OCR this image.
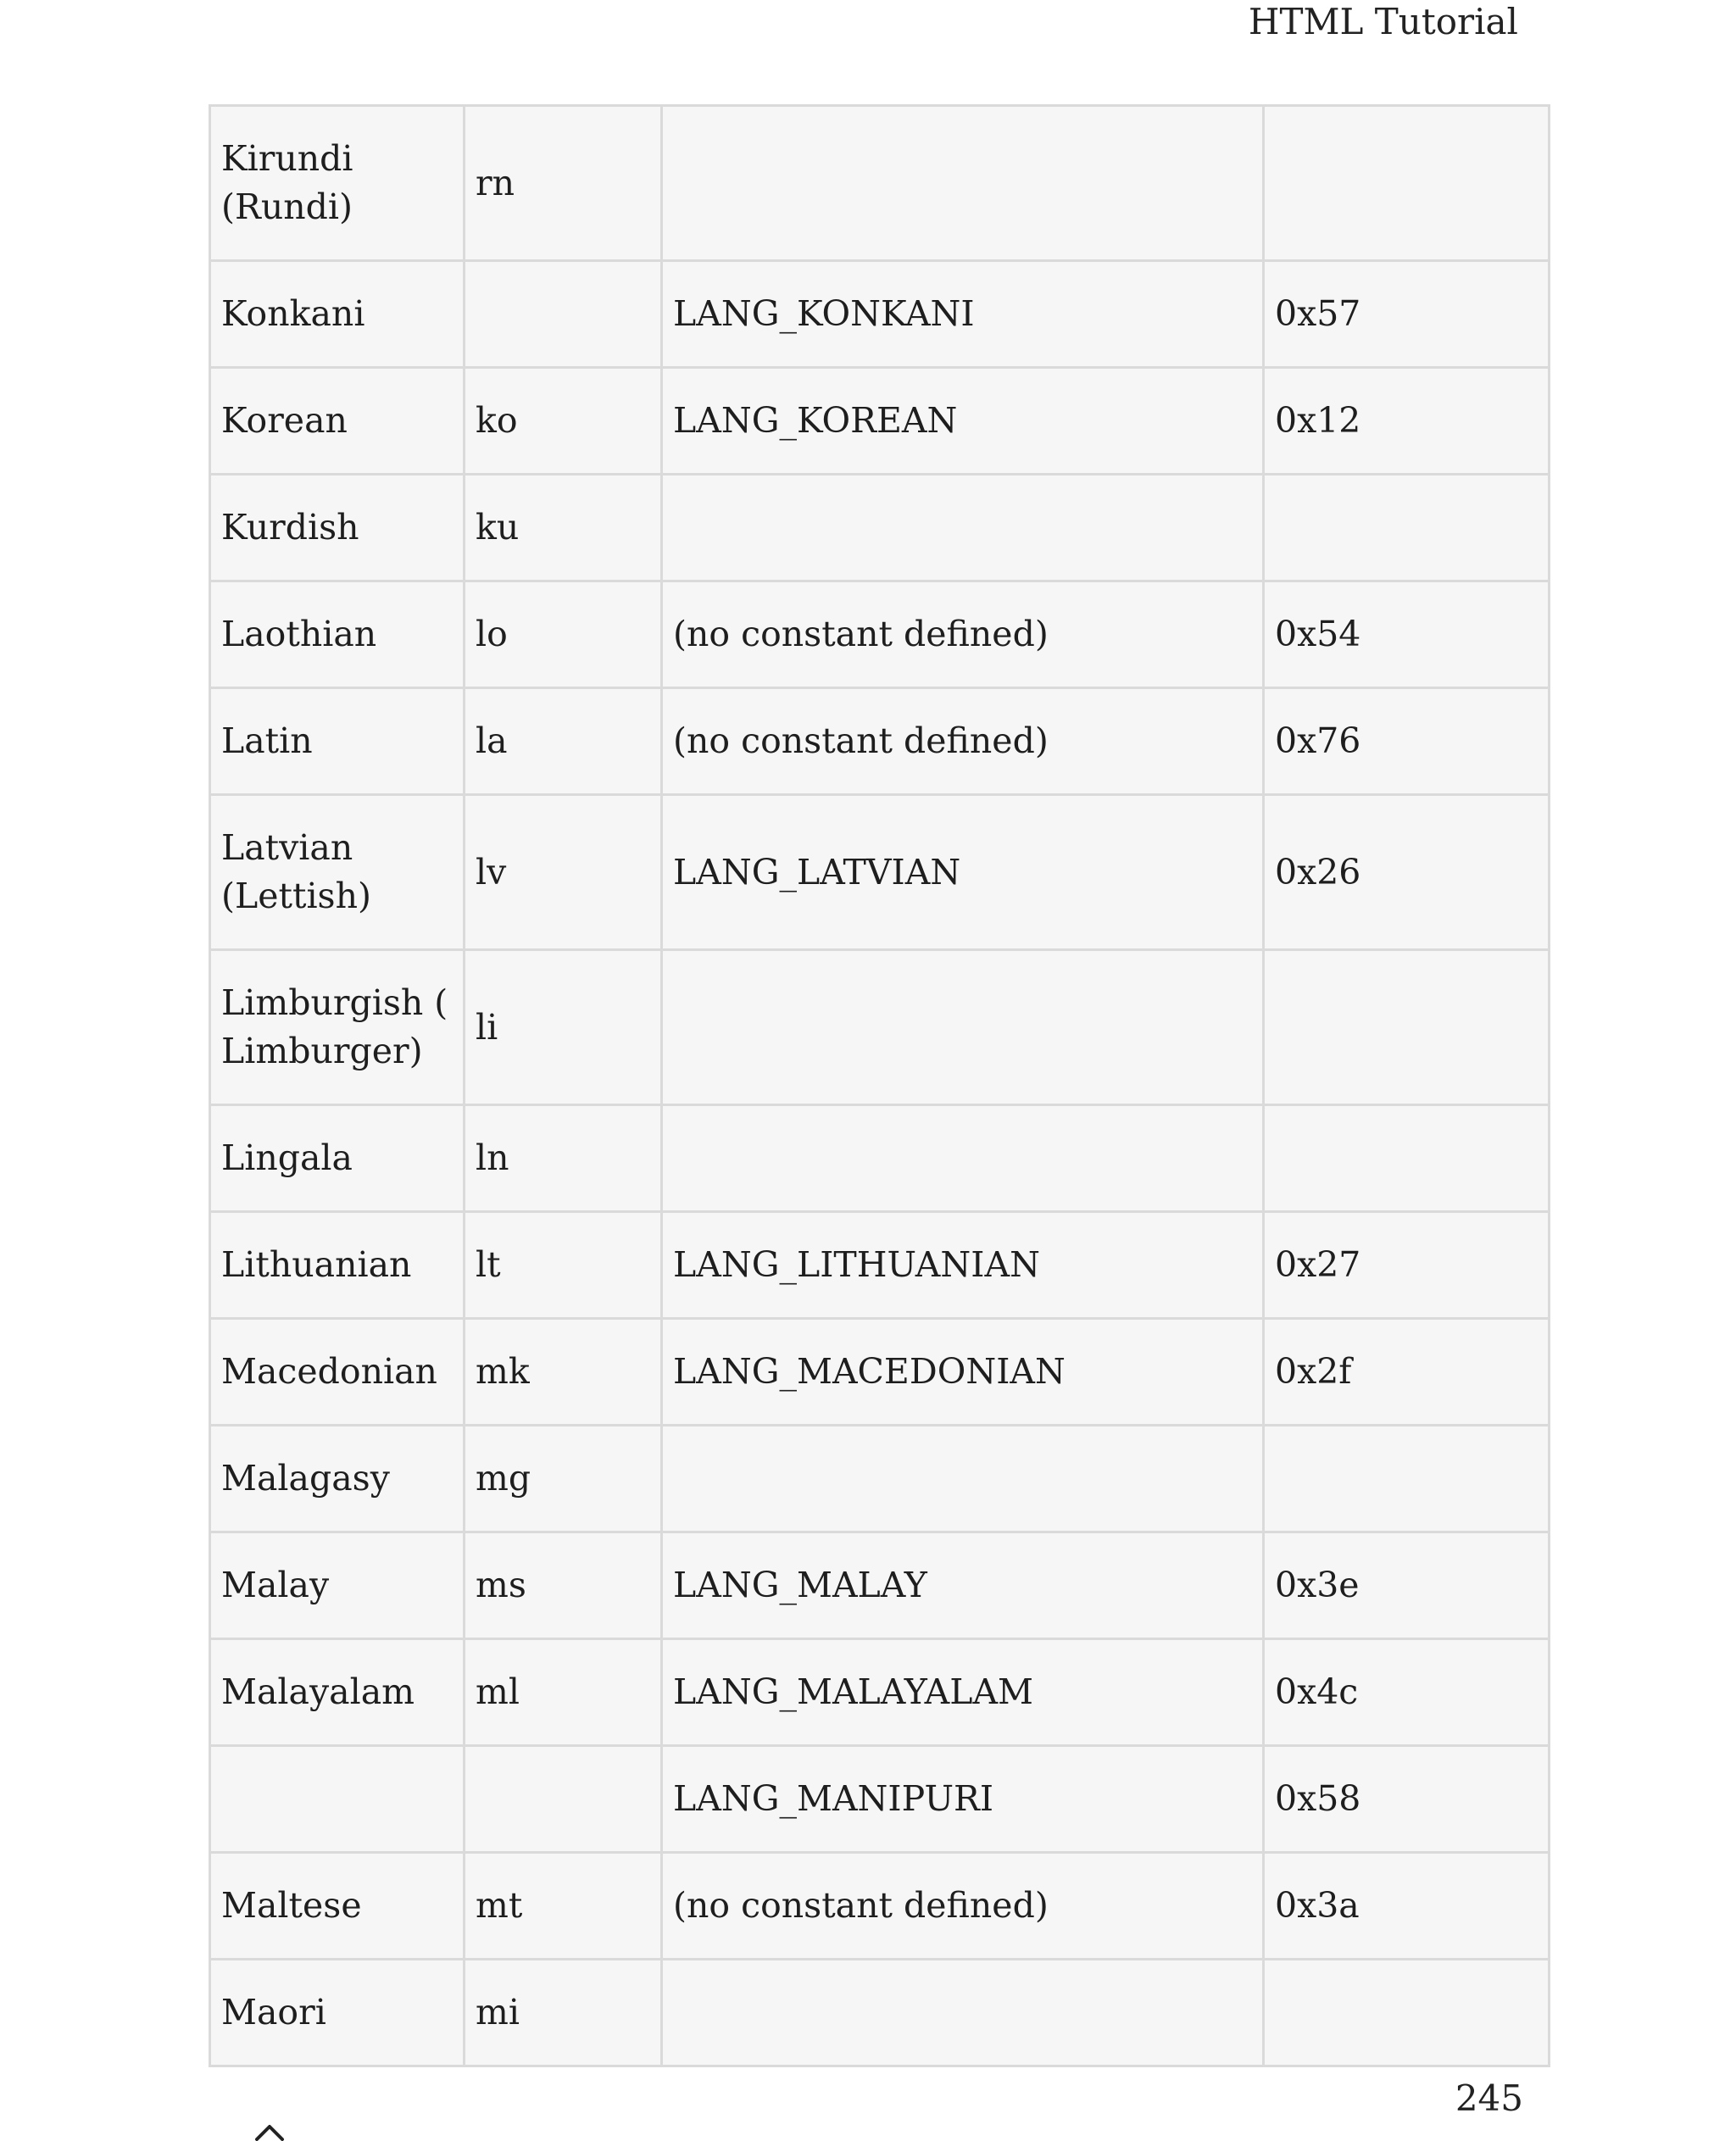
HTML Tutorial
Kirundi (Rundi)	rn		
Konkani		LANG_KONKANI	0x57
Korean	ko	LANG_KOREAN	0x12
Kurdish	ku		
Laothian	lo	(no constant defined)	0x54
Latin	la	(no constant defined)	0x76
Latvian (Lettish)	lv	LANG_LATVIAN	0x26
Limburgish ( Limburger)	li		
Lingala	ln		
Lithuanian	lt	LANG_LITHUANIAN	0x27
Macedonian	mk	LANG_MACEDONIAN	0x2f
Malagasy	mg		
Malay	ms	LANG_MALAY	0x3e
Malayalam	ml	LANG_MALAYALAM	0x4c
		LANG_MANIPURI	0x58
Maltese	mt	(no constant defined)	0x3a
Maori	mi		
245
